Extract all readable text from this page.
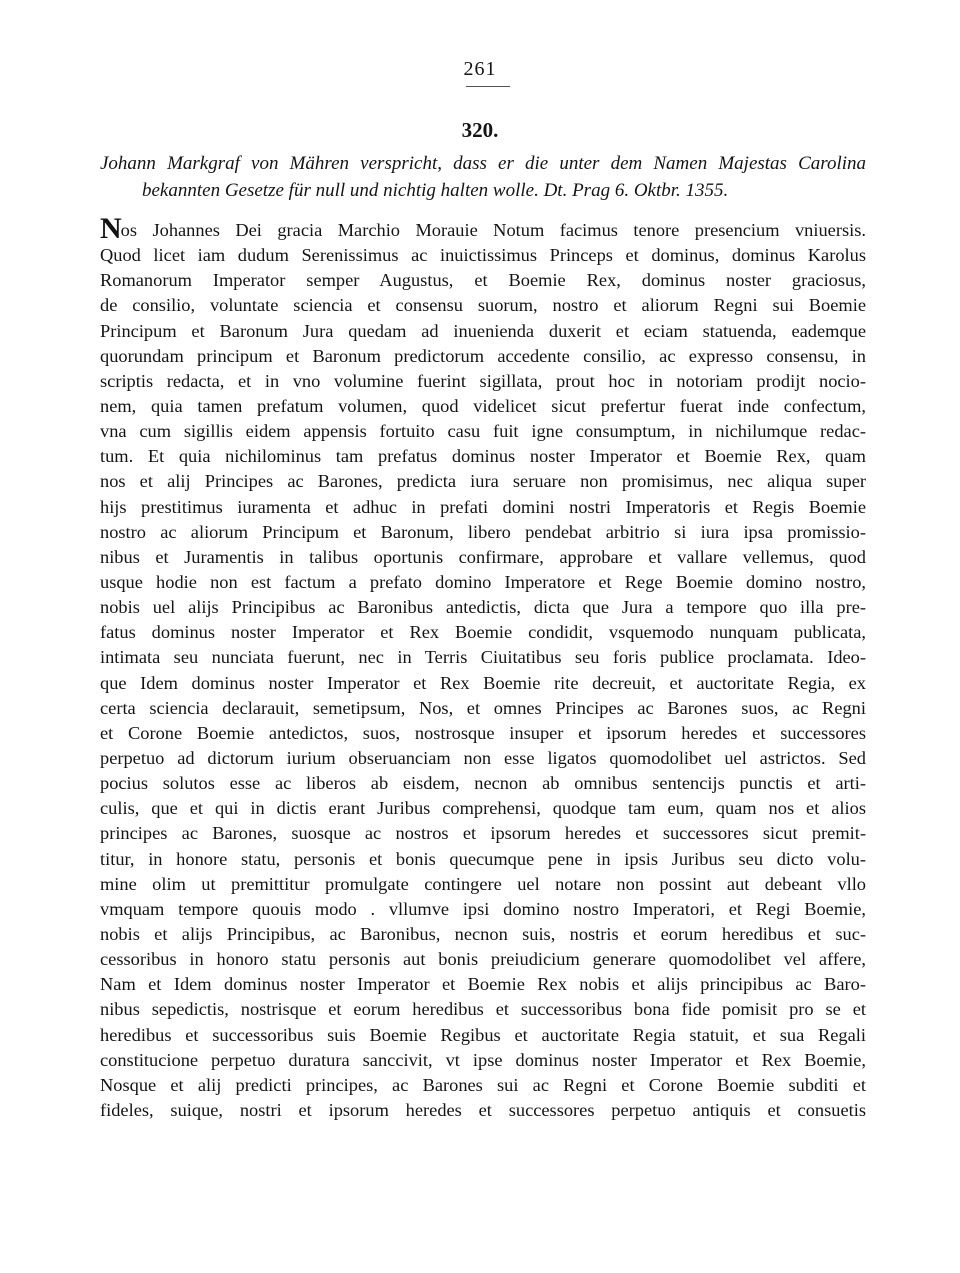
261
320.
Johann Markgraf von Mähren verspricht, dass er die unter dem Namen Majestas Carolina
bekannten Gesetze für null und nichtig halten wolle. Dt. Prag 6. Oktbr. 1355.
Nos Johannes Dei gracia Marchio Morauie Notum facimus tenore presencium vniuersis.
Quod licet iam dudum Serenissimus ac inuictissimus Princeps et dominus, dominus Karolus
Romanorum Imperator semper Augustus, et Boemie Rex, dominus noster graciosus,
de consilio, voluntate sciencia et consensu suorum, nostro et aliorum Regni sui Boemie
Principum et Baronum Jura quedam ad inuenienda duxerit et eciam statuenda, eademque
quorundam principum et Baronum predictorum accedente consilio, ac expresso consensu, in
scriptis redacta, et in vno volumine fuerint sigillata, prout hoc in notoriam prodijt nocio-
nem, quia tamen prefatum volumen, quod videlicet sicut prefertur fuerat inde confectum,
vna cum sigillis eidem appensis fortuito casu fuit igne consumptum, in nichilumque redac-
tum. Et quia nichilominus tam prefatus dominus noster Imperator et Boemie Rex, quam
nos et alij Principes ac Barones, predicta iura seruare non promisimus, nec aliqua super
hijs prestitimus iuramenta et adhuc in prefati domini nostri Imperatoris et Regis Boemie
nostro ac aliorum Principum et Baronum, libero pendebat arbitrio si iura ipsa promissio-
nibus et Juramentis in talibus oportunis confirmare, approbare et vallare vellemus, quod
usque hodie non est factum a prefato domino Imperatore et Rege Boemie domino nostro,
nobis uel alijs Principibus ac Baronibus antedictis, dicta que Jura a tempore quo illa pre-
fatus dominus noster Imperator et Rex Boemie condidit, vsquemodo nunquam publicata,
intimata seu nunciata fuerunt, nec in Terris Ciuitatibus seu foris publice proclamata. Ideo-
que Idem dominus noster Imperator et Rex Boemie rite decreuit, et auctoritate Regia, ex
certa sciencia declarauit, semetipsum, Nos, et omnes Principes ac Barones suos, ac Regni
et Corone Boemie antedictos, suos, nostrosque insuper et ipsorum heredes et successores
perpetuo ad dictorum iurium obseruanciam non esse ligatos quomodolibet uel astrictos. Sed
pocius solutos esse ac liberos ab eisdem, necnon ab omnibus sentencijs punctis et arti-
culis, que et qui in dictis erant Juribus comprehensi, quodque tam eum, quam nos et alios
principes ac Barones, suosque ac nostros et ipsorum heredes et successores sicut premit-
titur, in honore statu, personis et bonis quecumque pene in ipsis Juribus seu dicto volu-
mine olim ut premittitur promulgate contingere uel notare non possint aut debeant vllo
vmquam tempore quouis modo . vllumve ipsi domino nostro Imperatori, et Regi Boemie,
nobis et alijs Principibus, ac Baronibus, necnon suis, nostris et eorum heredibus et suc-
cessoribus in honoro statu personis aut bonis preiudicium generare quomodolibet vel affere,
Nam et Idem dominus noster Imperator et Boemie Rex nobis et alijs principibus ac Baro-
nibus sepedictis, nostrisque et eorum heredibus et successoribus bona fide pomisit pro se et
heredibus et successoribus suis Boemie Regibus et auctoritate Regia statuit, et sua Regali
constitucione perpetuo duratura sanccivit, vt ipse dominus noster Imperator et Rex Boemie,
Nosque et alij predicti principes, ac Barones sui ac Regni et Corone Boemie subditi et
fideles, suique, nostri et ipsorum heredes et successores perpetuo antiquis et consuetis
